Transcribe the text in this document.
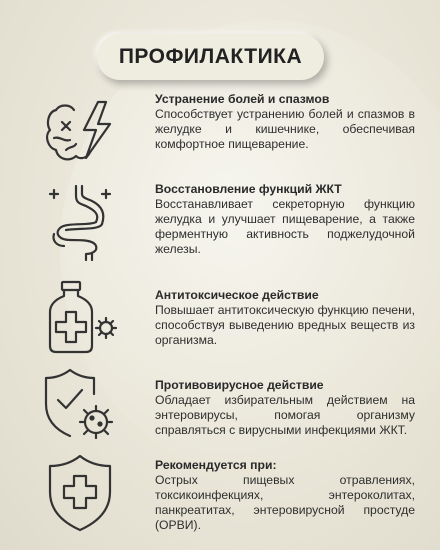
ПРОФИЛАКТИКА

Устранение болей и спазмов

Способствует устранению болей и спазмов в желудке и кишечнике, обеспечивая комфортное пищеварение.

Восстановление функций ЖКТ

Восстанавливает секреторную функцию желудка и улучшает пищеварение, а также ферментную активность поджелудочной железы.

Антитоксическое действие

Повышает антитоксическую функцию печени, способствуя выведению вредных веществ из организма.

Противовирусное действие

Обладает избирательным действием на энтеровирусы, помогая организму справляться с вирусными инфекциями ЖКТ.

Рекомендуется при:

Острых пищевых отравлениях, токсикоинфекциях, энтероколитах, панкреатитах, энтеровирусной простуде (ОРВИ).
